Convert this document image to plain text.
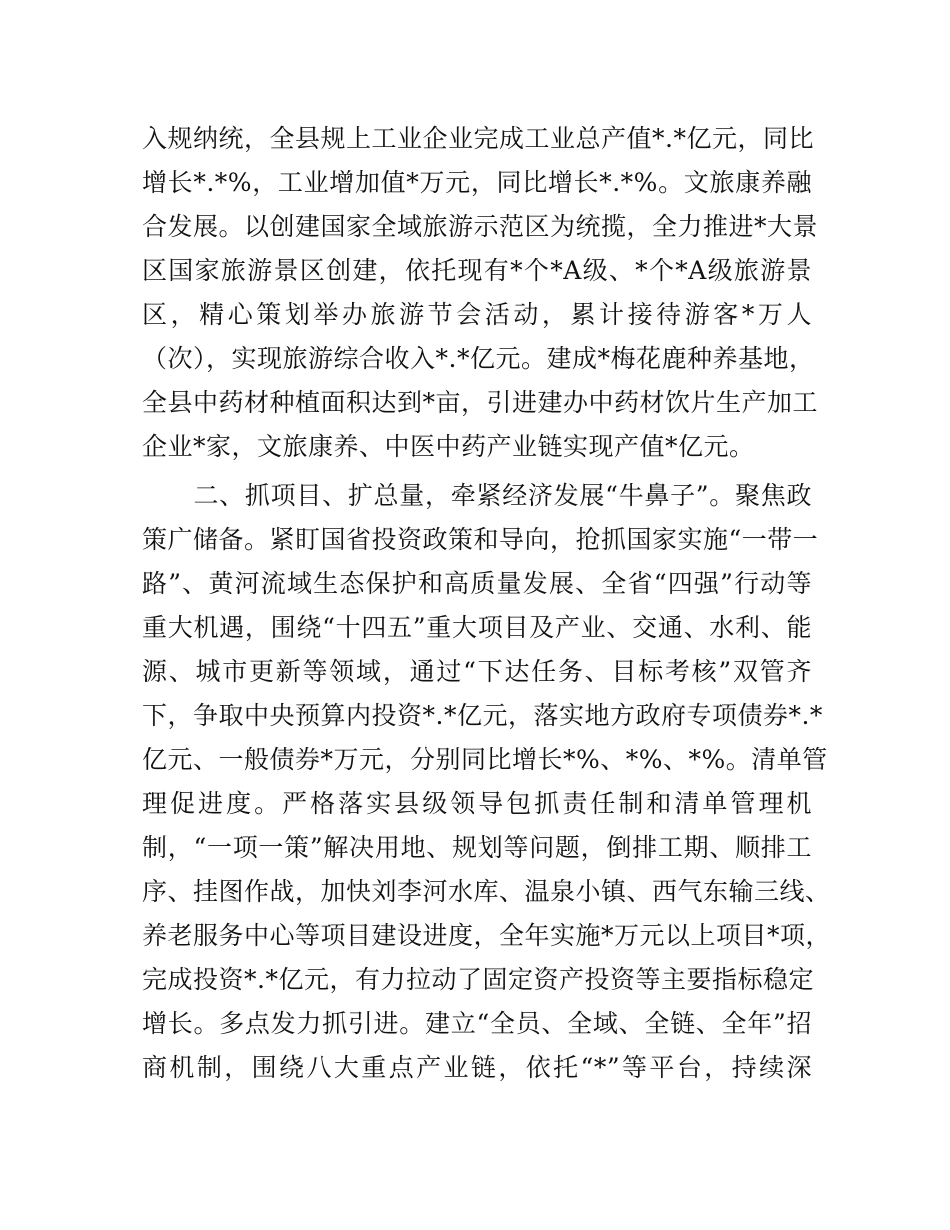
入规纳统，全县规上工业企业完成工业总产值*.*亿元，同比
增长*.*%，工业增加值*万元，同比增长*.*%。文旅康养融
合发展。以创建国家全域旅游示范区为统揽，全力推进*大景
区国家旅游景区创建，依托现有*个*A级、*个*A级旅游景
区，精心策划举办旅游节会活动，累计接待游客*万人
（次），实现旅游综合收入*.*亿元。建成*梅花鹿种养基地，
全县中药材种植面积达到*亩，引进建办中药材饮片生产加工
企业*家，文旅康养、中医中药产业链实现产值*亿元。
　　二、抓项目、扩总量，牵紧经济发展“牛鼻子”。聚焦政
策广储备。紧盯国省投资政策和导向，抢抓国家实施“一带一
路”、黄河流域生态保护和高质量发展、全省“四强”行动等
重大机遇，围绕“十四五”重大项目及产业、交通、水利、能
源、城市更新等领域，通过“下达任务、目标考核”双管齐
下，争取中央预算内投资*.*亿元，落实地方政府专项债券*.*
亿元、一般债券*万元，分别同比增长*%、*%、*%。清单管
理促进度。严格落实县级领导包抓责任制和清单管理机
制，“一项一策”解决用地、规划等问题，倒排工期、顺排工
序、挂图作战，加快刘李河水库、温泉小镇、西气东输三线、
养老服务中心等项目建设进度，全年实施*万元以上项目*项，
完成投资*.*亿元，有力拉动了固定资产投资等主要指标稳定
增长。多点发力抓引进。建立“全员、全域、全链、全年”招
商机制，围绕八大重点产业链，依托“*”等平台，持续深
